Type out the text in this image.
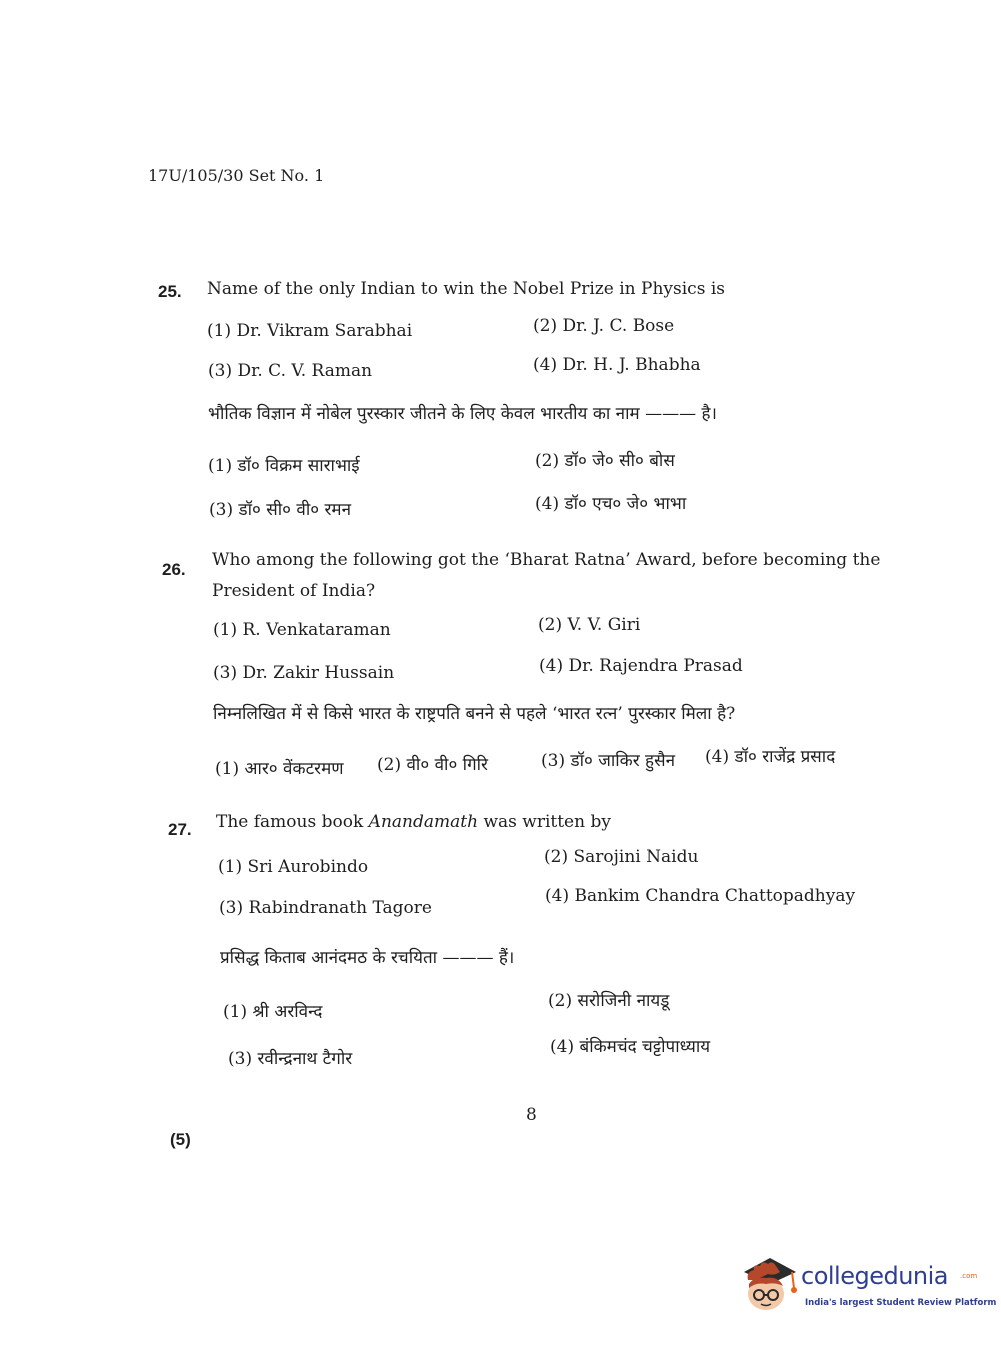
17U/105/30 Set No. 1
25. Name of the only Indian to win the Nobel Prize in Physics is
(1) Dr. Vikram Sarabhai	(2) Dr. J. C. Bose
(3) Dr. C. V. Raman	(4) Dr. H. J. Bhabha
भौतिक विज्ञान में नोबेल पुरस्कार जीतने के लिए केवल भारतीय का नाम ——— है।
(1) डॉ० विक्रम साराभाई	(2) डॉ० जे० सी० बोस
(3) डॉ० सी० वी० रमन	(4) डॉ० एच० जे० भाभा
26. Who among the following got the ‘Bharat Ratna’ Award, before becoming the
President of India?
(1) R. Venkataraman	(2) V. V. Giri
(3) Dr. Zakir Hussain	(4) Dr. Rajendra Prasad
निम्नलिखित में से किसे भारत के राष्ट्रपति बनने से पहले ‘भारत रत्न’ पुरस्कार मिला है?
(1) आर० वेंकटरमण (2) वी० वी० गिरि	(3) डॉ० जाकिर हुसैन (4) डॉ० राजेंद्र प्रसाद
27. The famous book Anandamath was written by
(1) Sri Aurobindo	(2) Sarojini Naidu
(3) Rabindranath Tagore
(4) Bankim Chandra Chattopadhyay
प्रसिद्ध किताब आनंदमठ के रचयिता ——— हैं।
(1) श्री अरविन्द
(2) सरोजिनी नायडू
(3) रवीन्द्रनाथ टैगोर
(4) बंकिमचंद चट्टोपाध्याय
8
(5)
collegedunia .com
India's largest Student Review Platform
